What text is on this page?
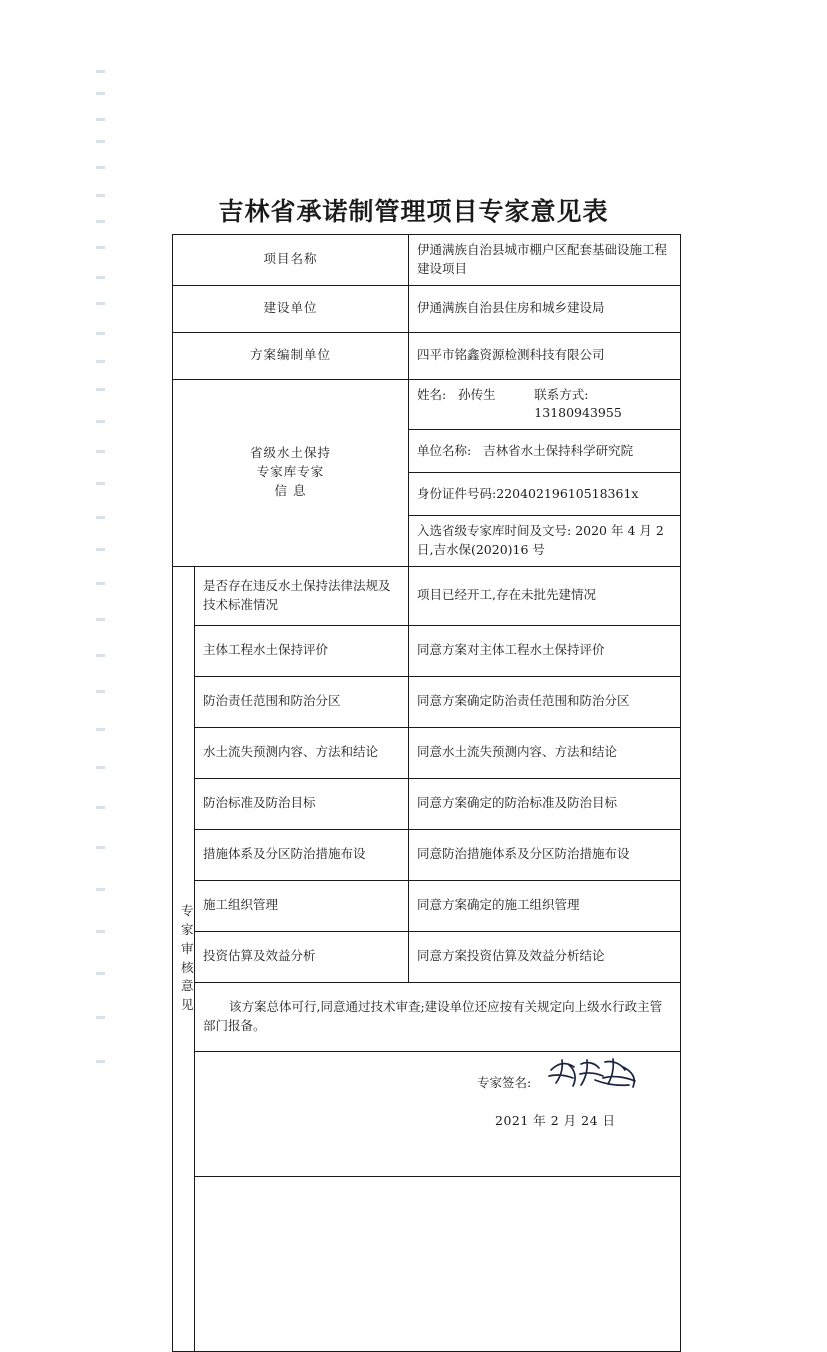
吉林省承诺制管理项目专家意见表
项目名称		伊通满族自治县城市棚户区配套基础设施工程建设项目
建设单位		伊通满族自治县住房和城乡建设局
方案编制单位		四平市铭鑫资源检测科技有限公司

省级水土保持
专家库专家
信 息

姓名: 孙传生	联系方式: 13180943955

		单位名称: 吉林省水土保持科学研究院
		身份证件号码:22040219610518361x
		入选省级专家库时间及文号: 2020 年 4 月 2 日,吉水保(2020)16 号

专
家
审
核
意
见
	是否存在违反水土保持法律法规及技术标准情况	项目已经开工,存在未批先建情况
	主体工程水土保持评价	同意方案对主体工程水土保持评价
	防治责任范围和防治分区	同意方案确定防治责任范围和防治分区
	水土流失预测内容、方法和结论	同意水土流失预测内容、方法和结论
	防治标准及防治目标	同意方案确定的防治标准及防治目标
	措施体系及分区防治措施布设	同意防治措施体系及分区防治措施布设
	施工组织管理	同意方案确定的施工组织管理
	投资估算及效益分析	同意方案投资估算及效益分析结论
	该方案总体可行,同意通过技术审查;建设单位还应按有关规定向上级水行政主管部门报备。	

	专家签名:
2021 年 2 月 24 日	
